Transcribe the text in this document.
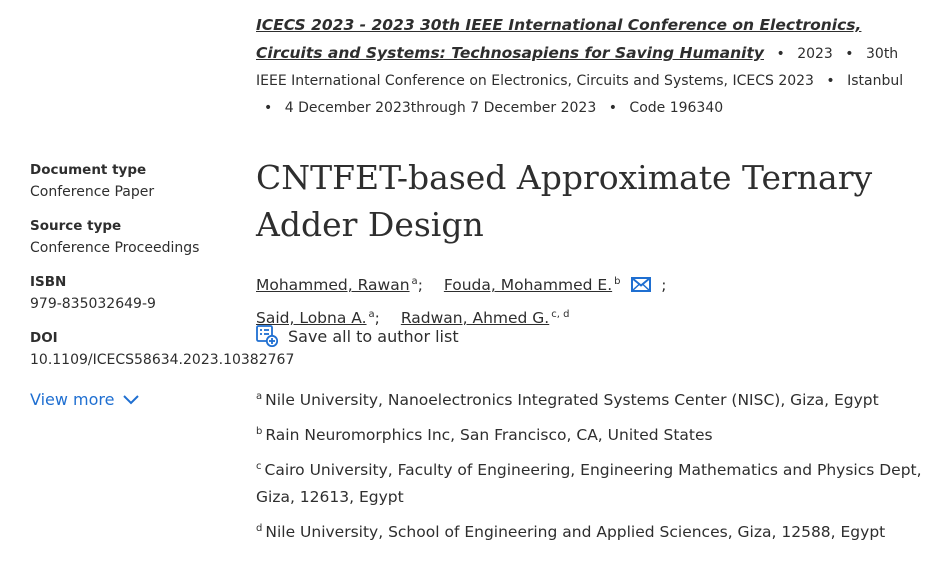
ICECS 2023 - 2023 30th IEEE International Conference on Electronics, Circuits and Systems: Technosapiens for Saving Humanity • 2023 • 30th IEEE International Conference on Electronics, Circuits and Systems, ICECS 2023 • Istanbul • 4 December 2023through 7 December 2023 • Code 196340
Document type
Conference Paper
Source type
Conference Proceedings
ISBN
979-835032649-9
DOI
10.1109/ICECS58634.2023.10382767
View more
CNTFET-based Approximate Ternary Adder Design
Mohammed, Rawan $^a$; Fouda, Mohammed E. $^b$   ;
Said, Lobna A. $^a$; Radwan, Ahmed G. $^{c, d}$
Save all to author list
$^a$ Nile University, Nanoelectronics Integrated Systems Center (NISC), Giza, Egypt
$^b$ Rain Neuromorphics Inc, San Francisco, CA, United States
$^c$ Cairo University, Faculty of Engineering, Engineering Mathematics and Physics Dept, Giza, 12613, Egypt
$^d$ Nile University, School of Engineering and Applied Sciences, Giza, 12588, Egypt
